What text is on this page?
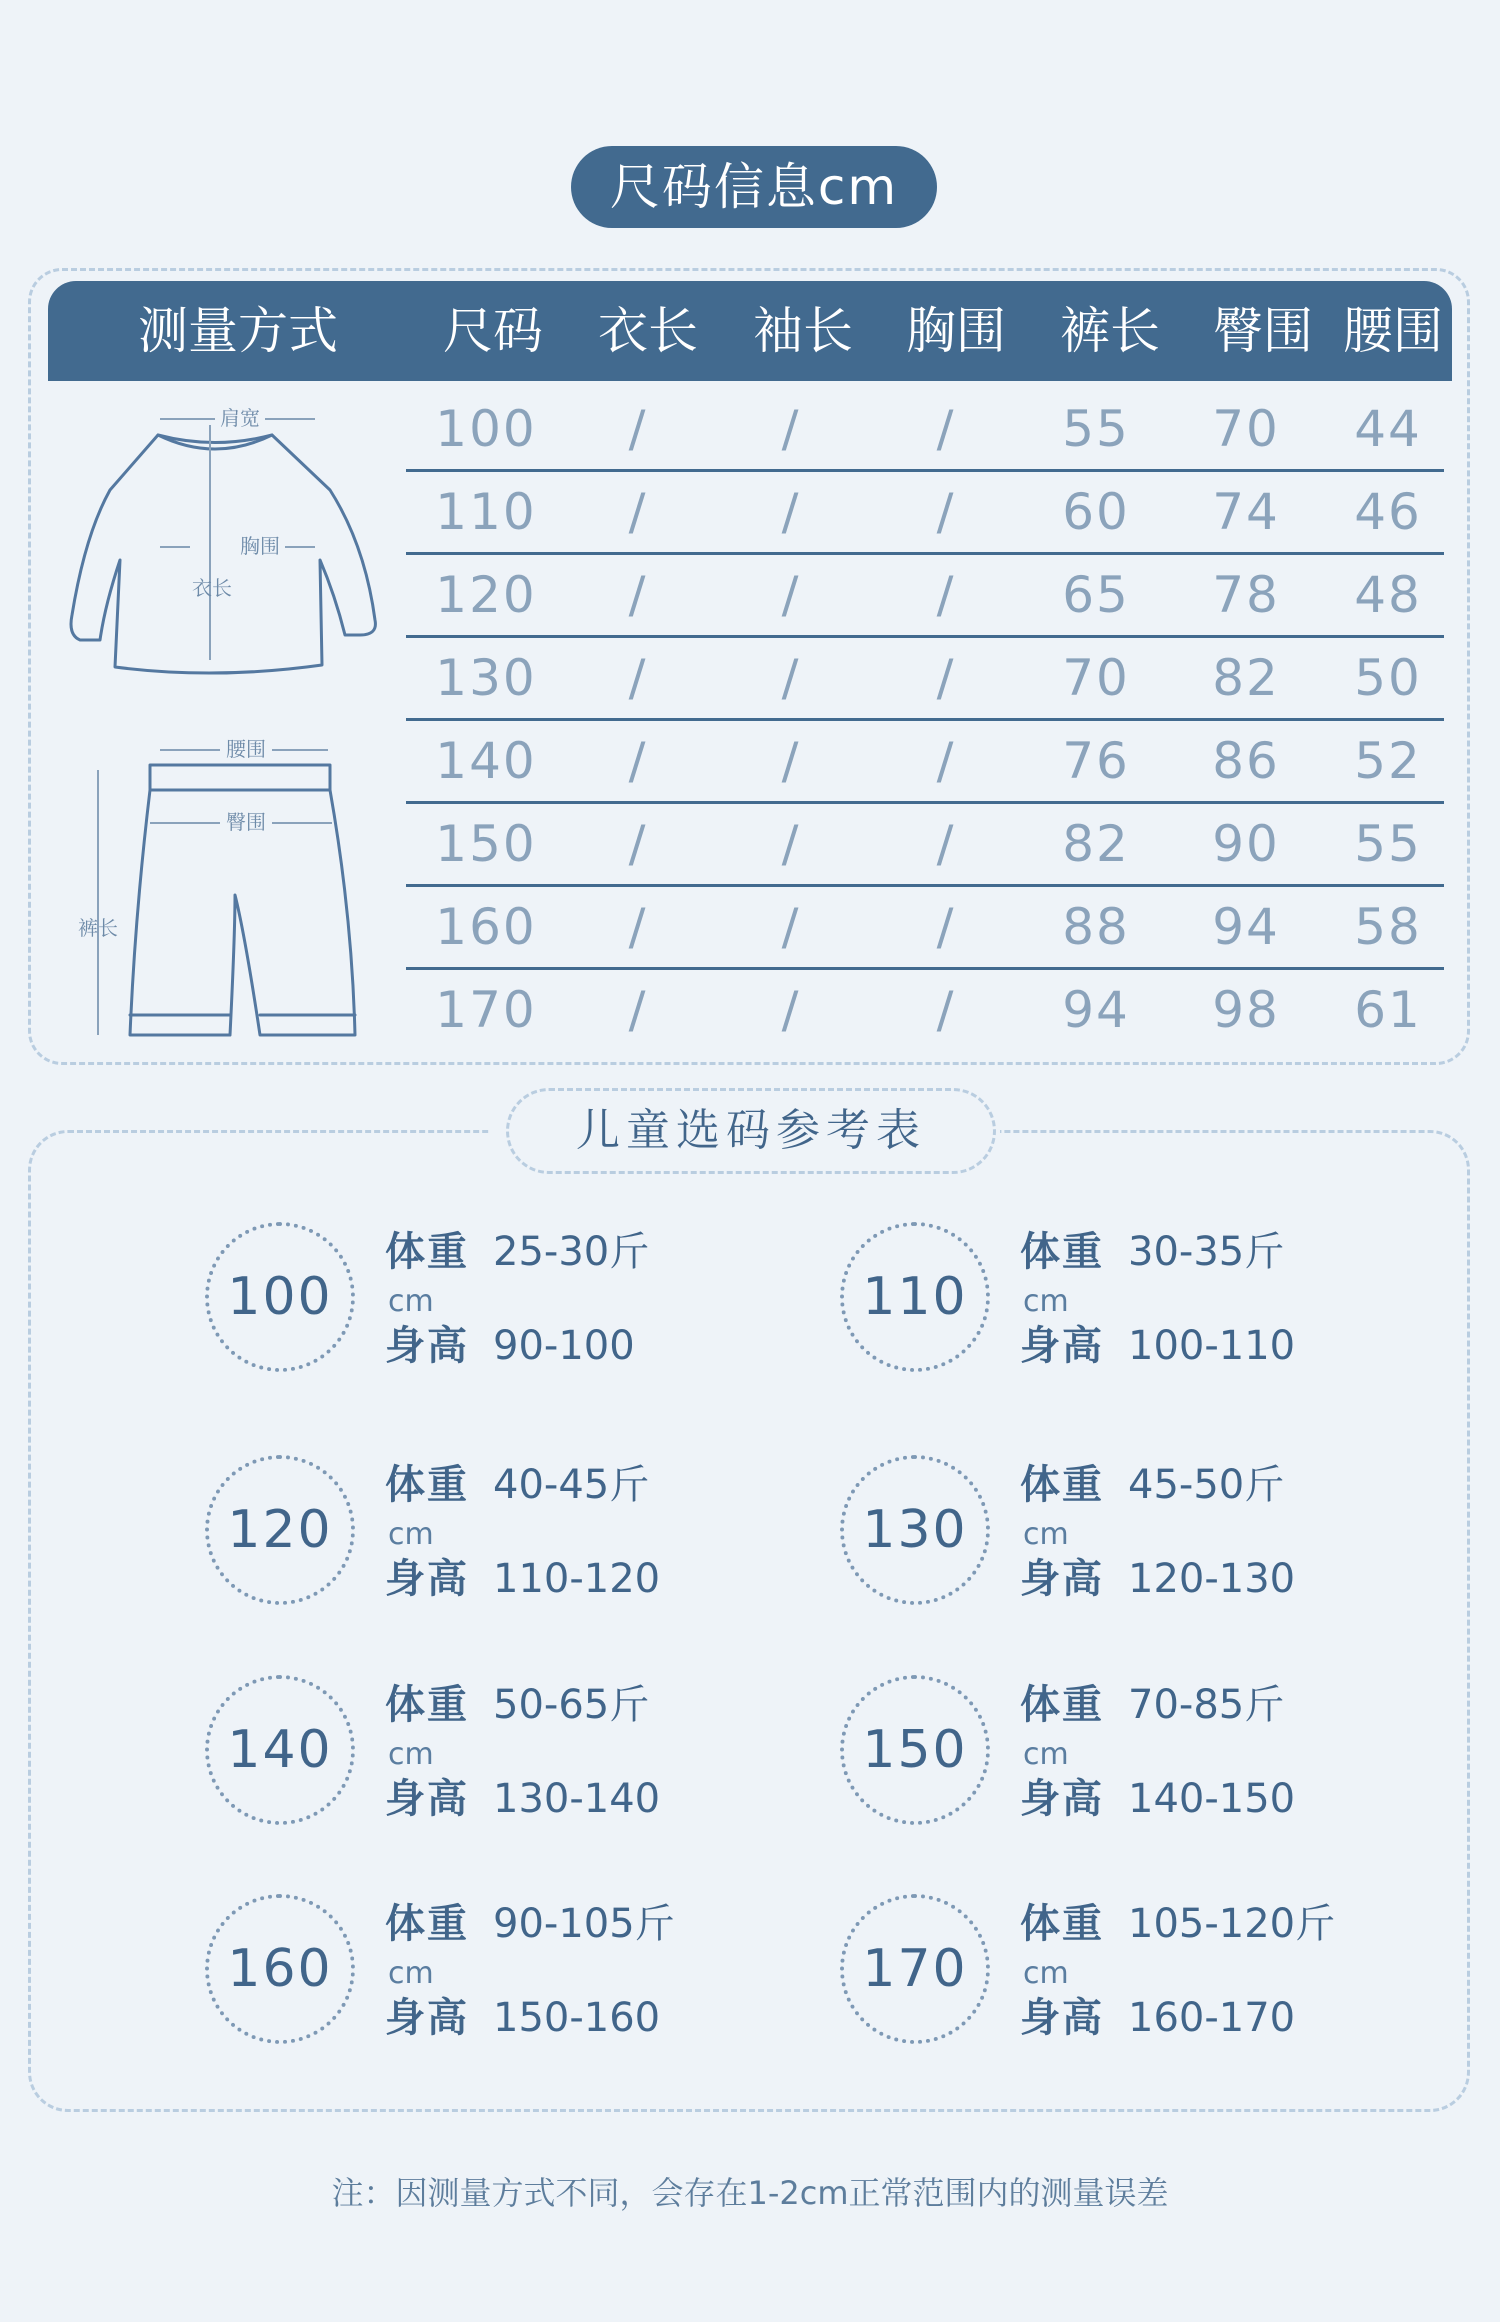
尺码信息cm
测量方式	尺码	衣长	袖长	胸围	裤长	臀围 腰围
肩宽
胸围
衣长
腰围
臀围
裤长
100	/	/	/	55	70	44
110	/	/	/	60	74	46
120	/	/	/	65	78	48
130	/	/	/	70	82	50
140	/	/	/	76	86	52
150	/	/	/	82	90	55
160	/	/	/	88	94	58
170	/	/	/	94	98	61
儿童选码参考表
100
体重 25-30斤
cm
身高 90-100
110
体重 30-35斤
cm
身高 100-110
120
体重 40-45斤
cm
身高 110-120
130
体重 45-50斤
cm
身高 120-130
140
体重 50-65斤
cm
身高 130-140
150
体重 70-85斤
cm
身高 140-150
160
体重 90-105斤
cm
身高 150-160
170
体重 105-120斤
cm
身高 160-170
注：因测量方式不同，会存在1-2cm正常范围内的测量误差
